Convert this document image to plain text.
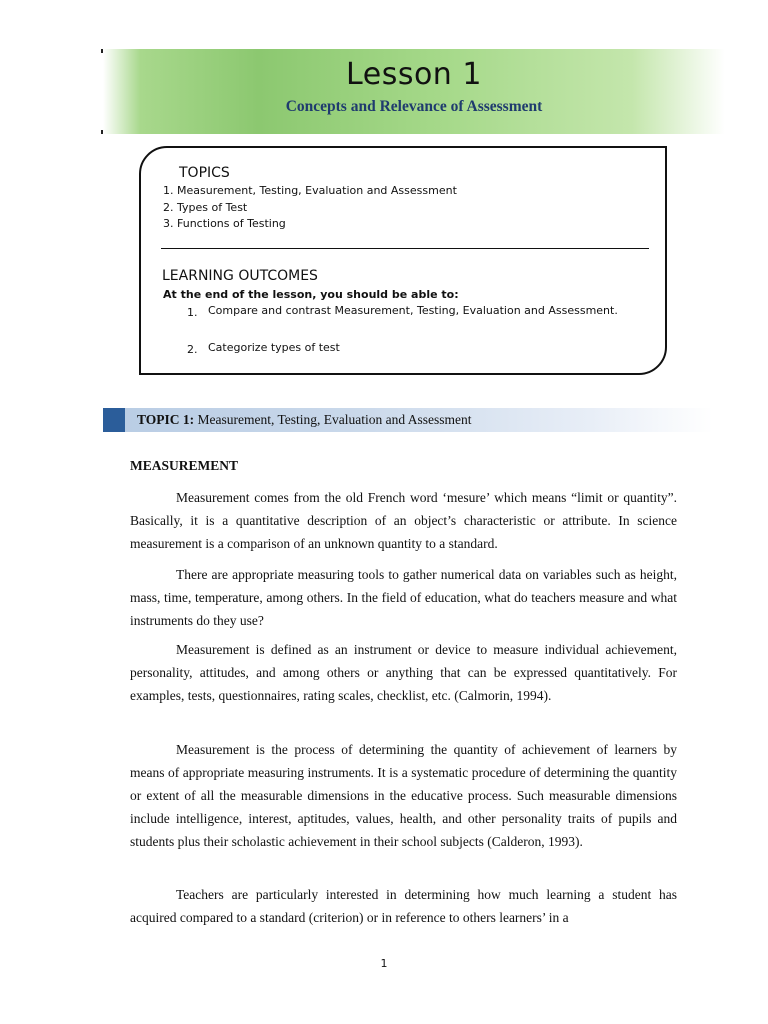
Lesson 1
Concepts and Relevance of Assessment
TOPICS
1. Measurement, Testing, Evaluation and Assessment
2. Types of Test
3. Functions of Testing
LEARNING OUTCOMES
At the end of the lesson, you should be able to:
1. Compare and contrast Measurement, Testing, Evaluation and Assessment.
2. Categorize types of test
TOPIC 1: Measurement, Testing, Evaluation and Assessment
MEASUREMENT

Measurement comes from the old French word ‘mesure’ which means “limit or quantity”. Basically, it is a quantitative description of an object’s characteristic or attribute. In science measurement is a comparison of an unknown quantity to a standard.

There are appropriate measuring tools to gather numerical data on variables such as height, mass, time, temperature, among others. In the field of education, what do teachers measure and what instruments do they use?

Measurement is defined as an instrument or device to measure individual achievement, personality, attitudes, and among others or anything that can be expressed quantitatively. For examples, tests, questionnaires, rating scales, checklist, etc. (Calmorin, 1994).

Measurement is the process of determining the quantity of achievement of learners by means of appropriate measuring instruments. It is a systematic procedure of determining the quantity or extent of all the measurable dimensions in the educative process. Such measurable dimensions include intelligence, interest, aptitudes, values, health, and other personality traits of pupils and students plus their scholastic achievement in their school subjects (Calderon, 1993).

Teachers are particularly interested in determining how much learning a student has acquired compared to a standard (criterion) or in reference to others learners’ in a

1
